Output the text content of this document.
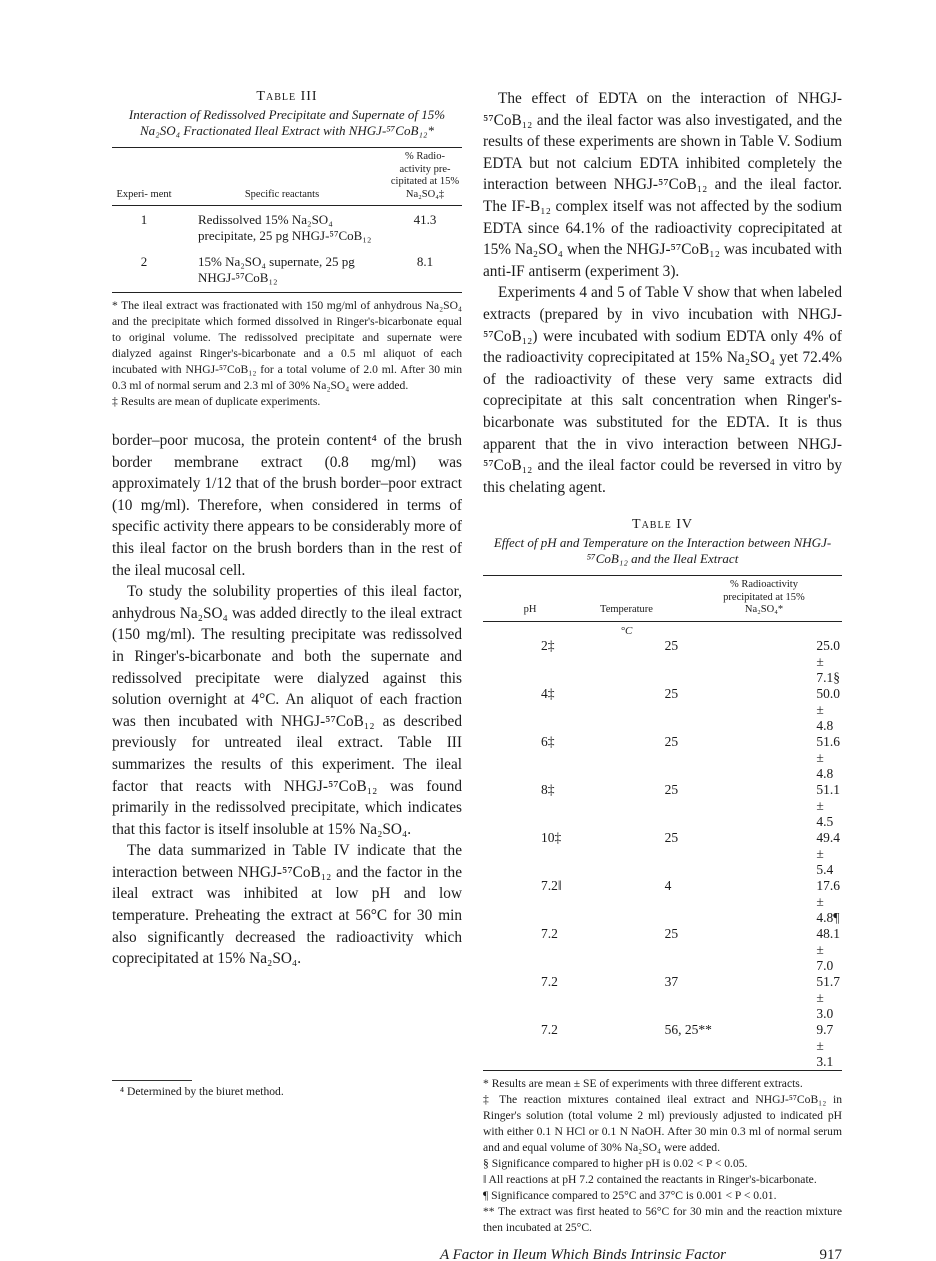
Table III

Interaction of Redissolved Precipitate and Supernate of 15% Na₂SO₄ Fractionated Ileal Extract with NHGJ-⁵⁷CoB₁₂*

Experi- ment	Specific reactants	% Radio- activity pre- cipitated at 15% Na₂SO₄‡
1	Redissolved 15% Na₂SO₄ precipitate, 25 pg NHGJ-⁵⁷CoB₁₂	41.3
2	15% Na₂SO₄ supernate, 25 pg NHGJ-⁵⁷CoB₁₂	8.1

* The ileal extract was fractionated with 150 mg/ml of anhydrous Na₂SO₄ and the precipitate which formed dissolved in Ringer's-bicarbonate equal to original volume. The redissolved precipitate and supernate were dialyzed against Ringer's-bicarbonate and a 0.5 ml aliquot of each incubated with NHGJ-⁵⁷CoB₁₂ for a total volume of 2.0 ml. After 30 min 0.3 ml of normal serum and 2.3 ml of 30% Na₂SO₄ were added.

‡ Results are mean of duplicate experiments.

border–poor mucosa, the protein content⁴ of the brush border membrane extract (0.8 mg/ml) was approximately 1/12 that of the brush border–poor extract (10 mg/ml). Therefore, when considered in terms of specific activity there appears to be considerably more of this ileal factor on the brush borders than in the rest of the ileal mucosal cell.

To study the solubility properties of this ileal factor, anhydrous Na₂SO₄ was added directly to the ileal extract (150 mg/ml). The resulting precipitate was redissolved in Ringer's-bicarbonate and both the supernate and redissolved precipitate were dialyzed against this solution overnight at 4°C. An aliquot of each fraction was then incubated with NHGJ-⁵⁷CoB₁₂ as described previously for untreated ileal extract. Table III summarizes the results of this experiment. The ileal factor that reacts with NHGJ-⁵⁷CoB₁₂ was found primarily in the redissolved precipitate, which indicates that this factor is itself insoluble at 15% Na₂SO₄.

The data summarized in Table IV indicate that the interaction between NHGJ-⁵⁷CoB₁₂ and the factor in the ileal extract was inhibited at low pH and low temperature. Preheating the extract at 56°C for 30 min also significantly decreased the radioactivity which coprecipitated at 15% Na₂SO₄.

⁴ Determined by the biuret method.

The effect of EDTA on the interaction of NHGJ-⁵⁷CoB₁₂ and the ileal factor was also investigated, and the results of these experiments are shown in Table V. Sodium EDTA but not calcium EDTA inhibited completely the interaction between NHGJ-⁵⁷CoB₁₂ and the ileal factor. The IF-B₁₂ complex itself was not affected by the sodium EDTA since 64.1% of the radioactivity coprecipitated at 15% Na₂SO₄ when the NHGJ-⁵⁷CoB₁₂ was incubated with anti-IF antiserm (experiment 3).

Experiments 4 and 5 of Table V show that when labeled extracts (prepared by in vivo incubation with NHGJ-⁵⁷CoB₁₂) were incubated with sodium EDTA only 4% of the radioactivity coprecipitated at 15% Na₂SO₄ yet 72.4% of the radioactivity of these very same extracts did coprecipitate at this salt concentration when Ringer's-bicarbonate was substituted for the EDTA. It is thus apparent that the in vivo interaction between NHGJ-⁵⁷CoB₁₂ and the ileal factor could be reversed in vitro by this chelating agent.

Table IV

Effect of pH and Temperature on the Interaction between NHGJ-⁵⁷CoB₁₂ and the Ileal Extract

pH	Temperature	% Radioactivity precipitated at 15% Na₂SO₄*
	°C	
2‡	25	25.0 ± 7.1§
4‡	25	50.0 ± 4.8
6‡	25	51.6 ± 4.8
8‡	25	51.1 ± 4.5
10‡	25	49.4 ± 5.4
7.2‖	4	17.6 ± 4.8¶
7.2	25	48.1 ± 7.0
7.2	37	51.7 ± 3.0
7.2	56, 25**	9.7 ± 3.1

* Results are mean ± SE of experiments with three different extracts.

‡ The reaction mixtures contained ileal extract and NHGJ-⁵⁷CoB₁₂ in Ringer's solution (total volume 2 ml) previously adjusted to indicated pH with either 0.1 N HCl or 0.1 N NaOH. After 30 min 0.3 ml of normal serum and and equal volume of 30% Na₂SO₄ were added.

§ Significance compared to higher pH is 0.02 < P < 0.05.

‖ All reactions at pH 7.2 contained the reactants in Ringer's-bicarbonate.

¶ Significance compared to 25°C and 37°C is 0.001 < P < 0.01.

** The extract was first heated to 56°C for 30 min and the reaction mixture then incubated at 25°C.

A Factor in Ileum Which Binds Intrinsic Factor	917
